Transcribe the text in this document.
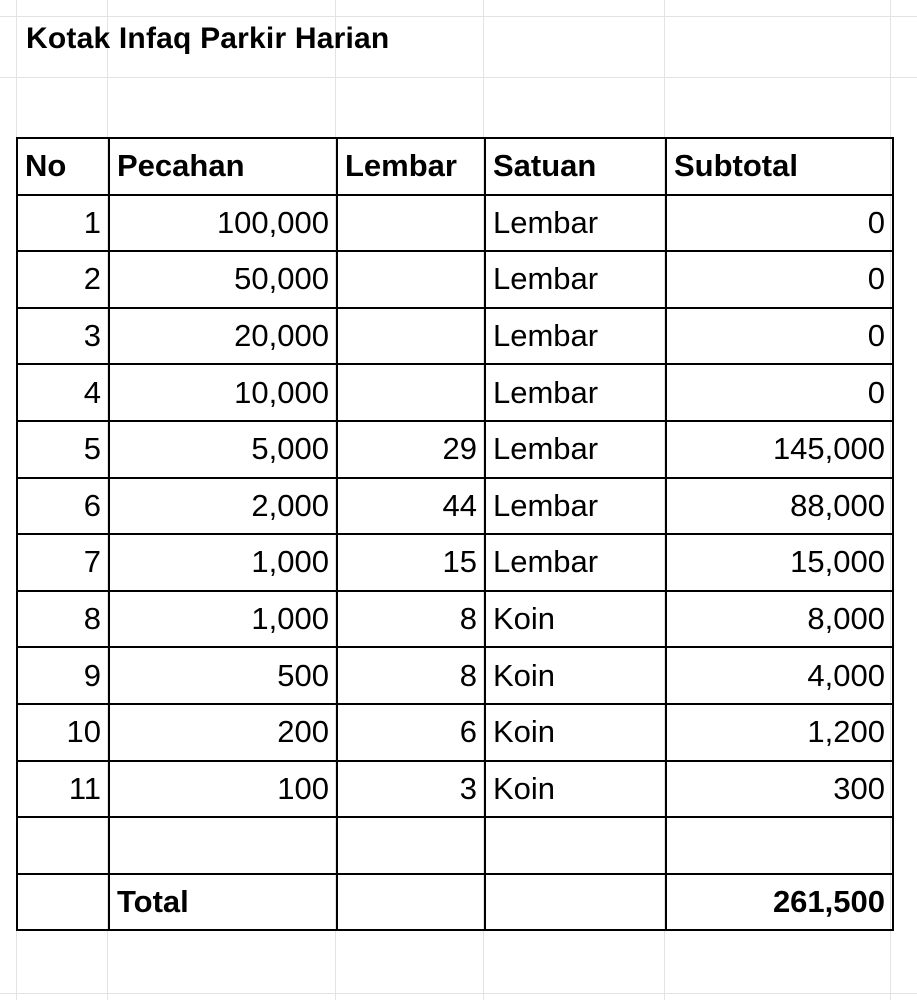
Kotak Infaq Parkir Harian
No	Pecahan	Lembar	Satuan	Subtotal
1	100,000		Lembar	0
2	50,000		Lembar	0
3	20,000		Lembar	0
4	10,000		Lembar	0
5	5,000	29	Lembar	145,000
6	2,000	44	Lembar	88,000
7	1,000	15	Lembar	15,000
8	1,000	8	Koin	8,000
9	500	8	Koin	4,000
10	200	6	Koin	1,200
11	100	3	Koin	300

	Total			261,500
